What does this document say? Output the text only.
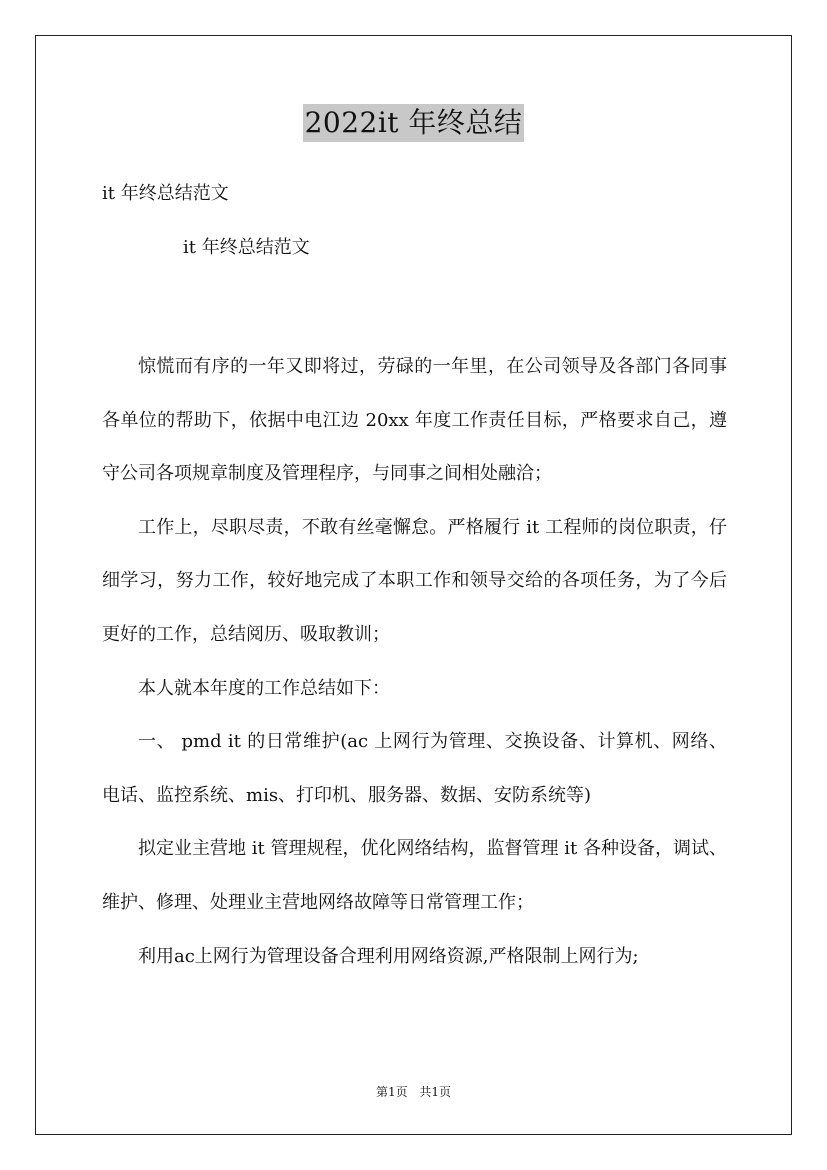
2022it 年终总结
it 年终总结范文
it 年终总结范文

惊慌而有序的一年又即将过，劳碌的一年里，在公司领导及各部门各同事各单位的帮助下，依据中电江边 20xx 年度工作责任目标，严格要求自己，遵守公司各项规章制度及管理程序，与同事之间相处融洽；

工作上，尽职尽责，不敢有丝毫懈怠。严格履行 it 工程师的岗位职责，仔细学习，努力工作，较好地完成了本职工作和领导交给的各项任务，为了今后更好的工作，总结阅历、吸取教训；

本人就本年度的工作总结如下：

一、 pmd it 的日常维护(ac 上网行为管理、交换设备、计算机、网络、电话、监控系统、mis、打印机、服务器、数据、安防系统等)

拟定业主营地 it 管理规程，优化网络结构，监督管理 it 各种设备，调试、维护、修理、处理业主营地网络故障等日常管理工作；

利用ac上网行为管理设备合理利用网络资源,严格限制上网行为;

第1页 共1页
